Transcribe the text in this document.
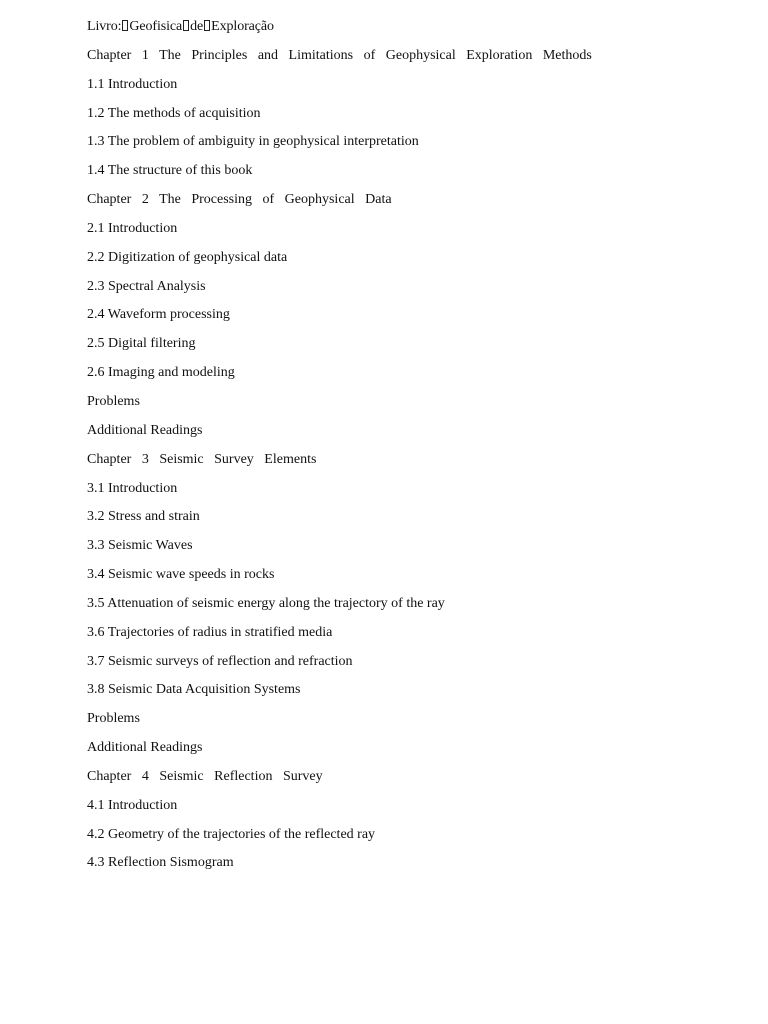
Livro: Geofisica de Exploração
Chapter 1 The Principles and Limitations of Geophysical Exploration Methods
1.1 Introduction
1.2 The methods of acquisition
1.3 The problem of ambiguity in geophysical interpretation
1.4 The structure of this book
Chapter 2 The Processing of Geophysical Data
2.1 Introduction
2.2 Digitization of geophysical data
2.3 Spectral Analysis
2.4 Waveform processing
2.5 Digital filtering
2.6 Imaging and modeling
Problems
Additional Readings
Chapter 3 Seismic Survey Elements
3.1 Introduction
3.2 Stress and strain
3.3 Seismic Waves
3.4 Seismic wave speeds in rocks
3.5 Attenuation of seismic energy along the trajectory of the ray
3.6 Trajectories of radius in stratified media
3.7 Seismic surveys of reflection and refraction
3.8 Seismic Data Acquisition Systems
Problems
Additional Readings
Chapter 4 Seismic Reflection Survey
4.1 Introduction
4.2 Geometry of the trajectories of the reflected ray
4.3 Reflection Sismogram
